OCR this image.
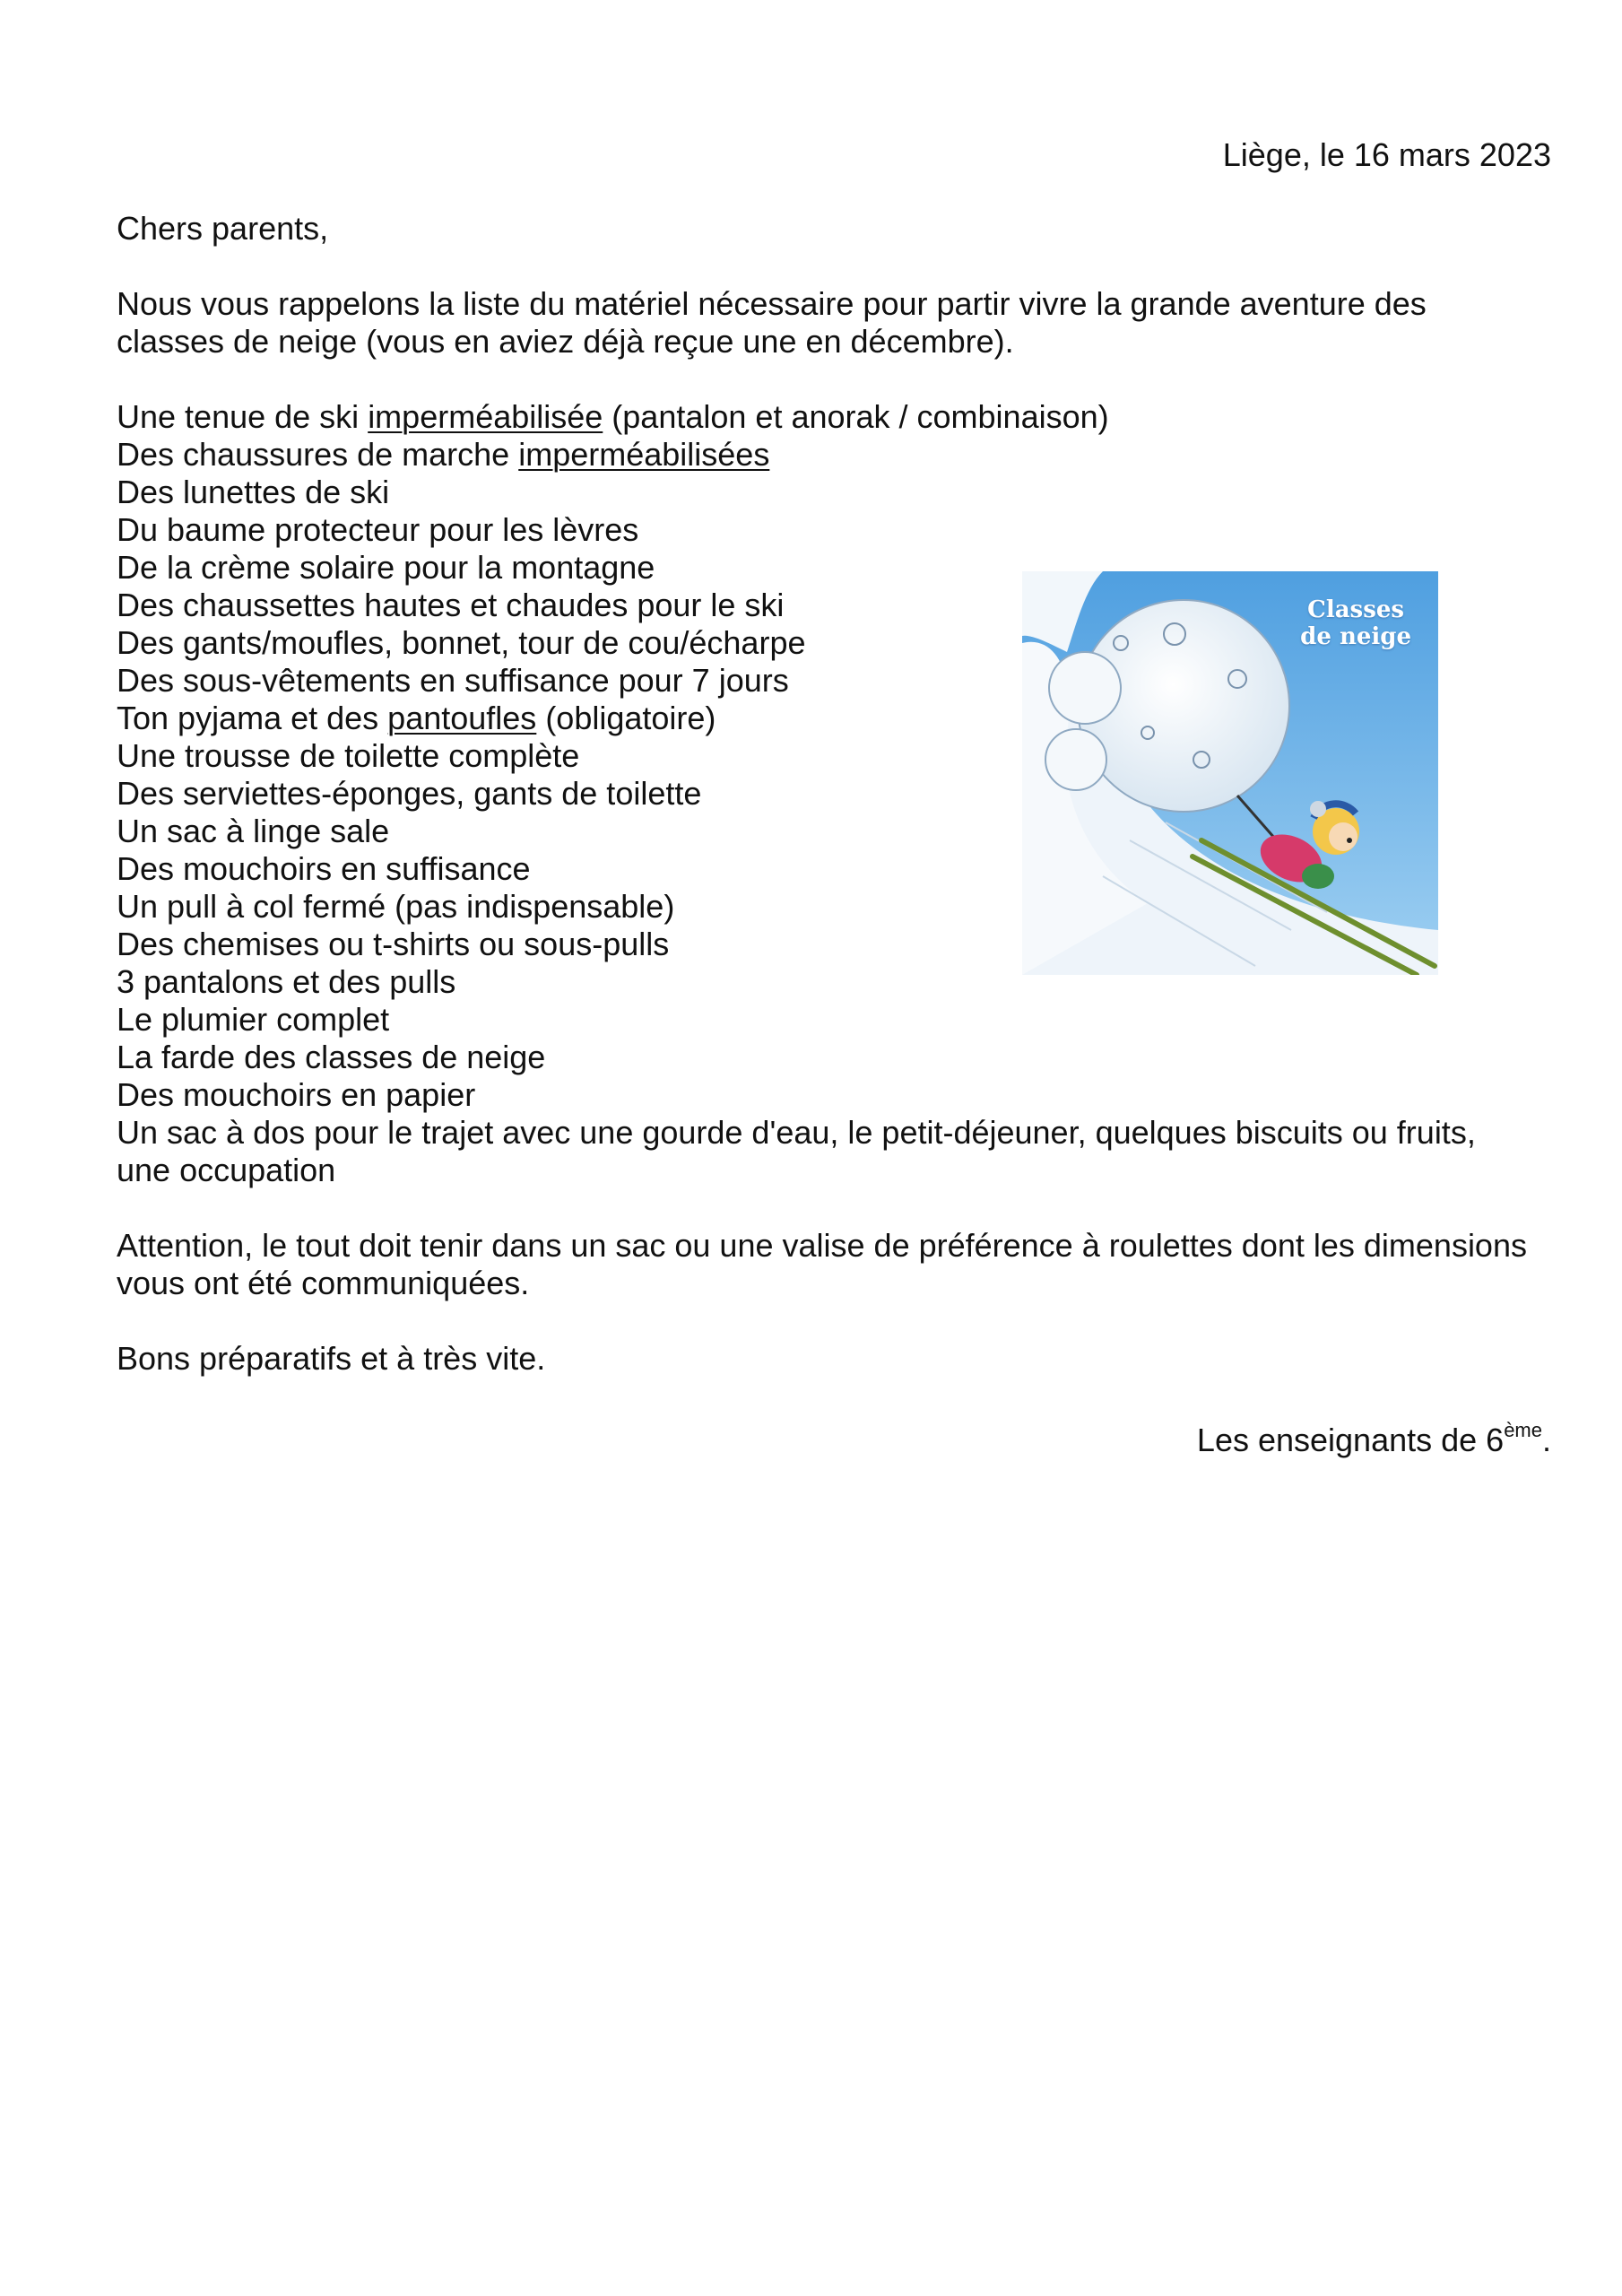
Liège, le 16 mars 2023

Chers parents,

Nous vous rappelons la liste du matériel nécessaire pour partir vivre la grande aventure des classes de neige (vous en aviez déjà reçue une en décembre).

Une tenue de ski imperméabilisée (pantalon et anorak / combinaison)
Des chaussures de marche imperméabilisées
Des lunettes de ski
Du baume protecteur pour les lèvres
De la crème solaire pour la montagne
Des chaussettes hautes et chaudes pour le ski
Des gants/moufles, bonnet, tour de cou/écharpe
Des sous-vêtements en suffisance pour 7 jours
Ton pyjama et des pantoufles (obligatoire)
Une trousse de toilette complète
Des serviettes-éponges, gants de toilette
Un sac à linge sale
Des mouchoirs en suffisance
Un pull à col fermé (pas indispensable)
Des chemises ou t-shirts ou sous-pulls
3 pantalons et des pulls
Le plumier complet
La farde des classes de neige
Des mouchoirs en papier
Un sac à dos pour le trajet avec une gourde d'eau, le petit-déjeuner, quelques biscuits ou fruits, une occupation

Attention, le tout doit tenir dans un sac ou une valise de préférence à roulettes dont les dimensions vous ont été communiquées.

Bons préparatifs et à très vite.

Les enseignants de 6ème.
Classes
de neige
